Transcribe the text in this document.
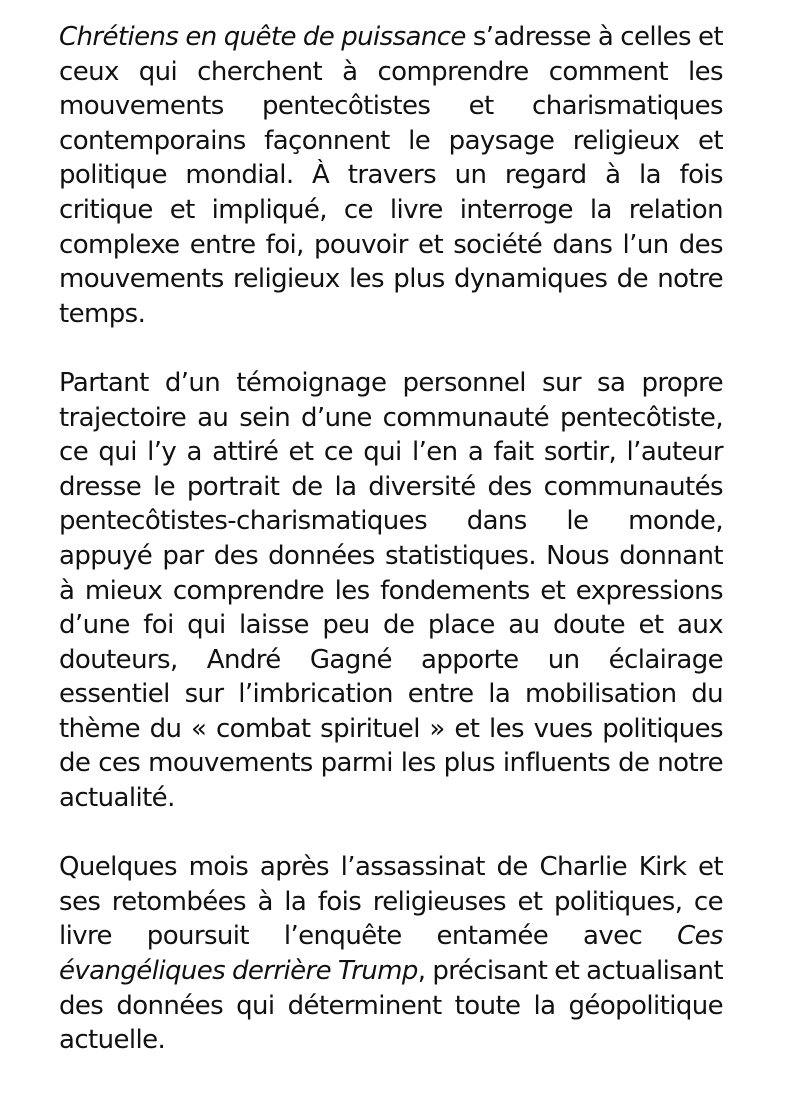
Chrétiens en quête de puissance s’adresse à celles et ceux qui cherchent à comprendre comment les mouvements pentecôtistes et charismatiques contemporains façonnent le paysage religieux et politique mondial. À travers un regard à la fois critique et impliqué, ce livre interroge la relation complexe entre foi, pouvoir et société dans l’un des mouvements religieux les plus dynamiques de notre temps.

Partant d’un témoignage personnel sur sa propre trajectoire au sein d’une communauté pentecôtiste, ce qui l’y a attiré et ce qui l’en a fait sortir, l’auteur dresse le portrait de la diversité des communautés pentecôtistes-charismatiques dans le monde, appuyé par des données statistiques. Nous donnant à mieux comprendre les fondements et expressions d’une foi qui laisse peu de place au doute et aux douteurs, André Gagné apporte un éclairage essentiel sur l’imbrication entre la mobilisation du thème du « combat spirituel » et les vues politiques de ces mouvements parmi les plus influents de notre actualité.

Quelques mois après l’assassinat de Charlie Kirk et ses retombées à la fois religieuses et politiques, ce livre poursuit l’enquête entamée avec Ces évangéliques derrière Trump, précisant et actualisant des données qui déterminent toute la géopolitique actuelle.
